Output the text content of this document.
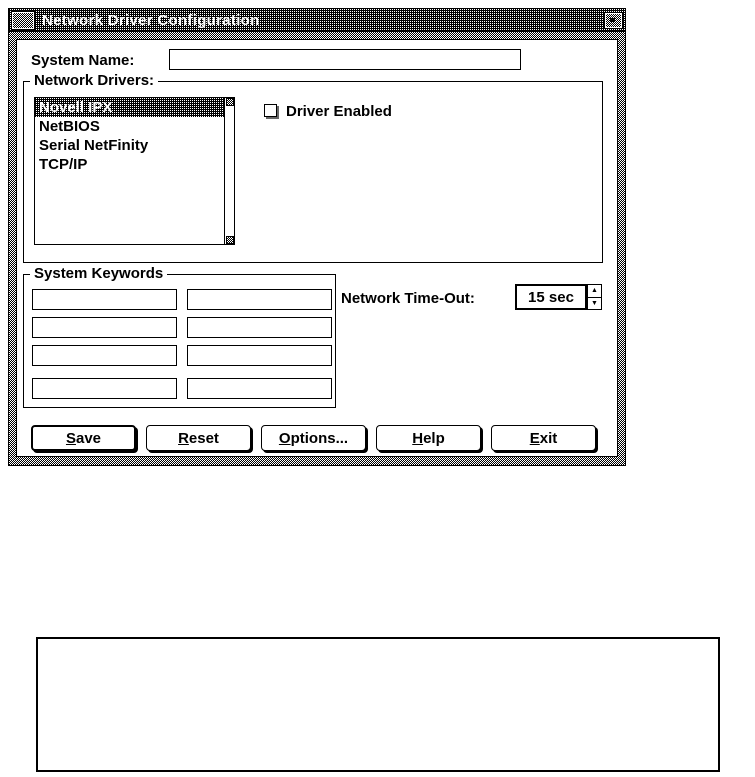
Network Driver Configuration
System Name:
Network Drivers:
Novell IPX
NetBIOS
Serial NetFinity
TCP/IP
Driver Enabled
System Keywords
Network Time-Out:	15 sec	▲
▼
S ave	R eset	O ptions...	H elp	E xit
